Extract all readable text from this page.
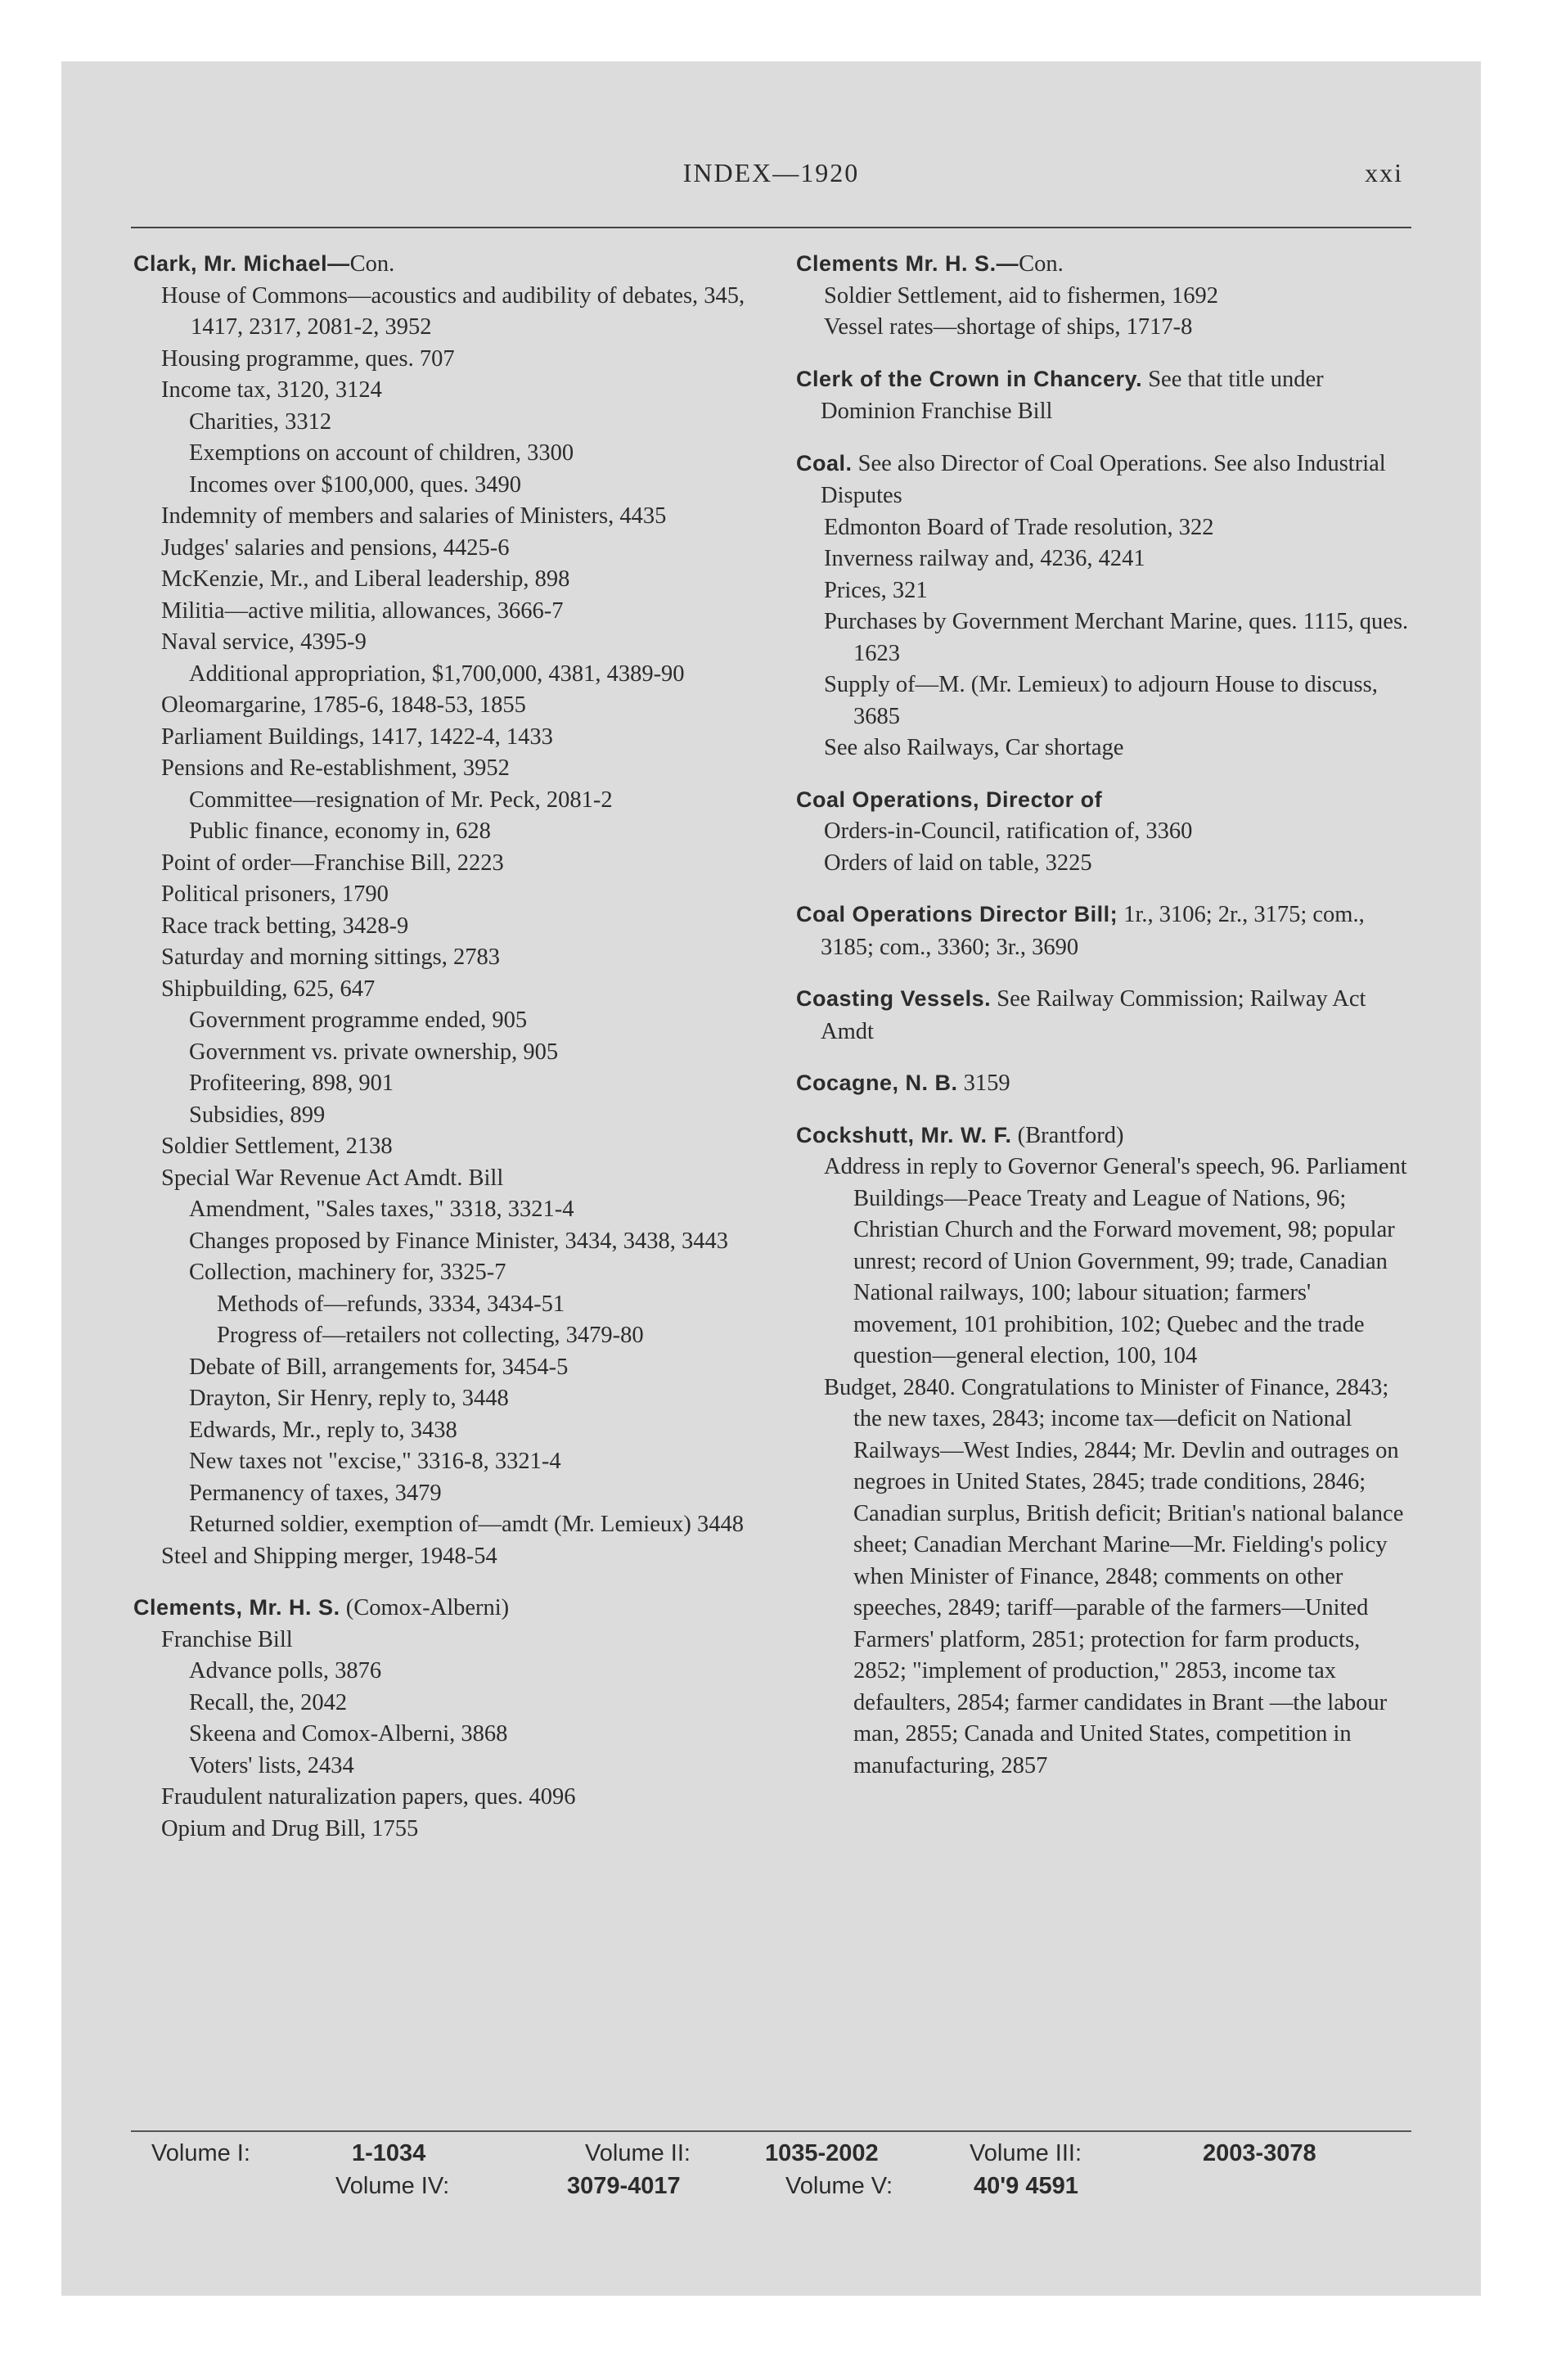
INDEX—1920	xxi
Clark, Mr. Michael—Con.
House of Commons—acoustics and audibility of debates, 345, 1417, 2317, 2081-2, 3952
Housing programme, ques. 707
Income tax, 3120, 3124
Charities, 3312
Exemptions on account of children, 3300
Incomes over $100,000, ques. 3490
Indemnity of members and salaries of Ministers, 4435
Judges' salaries and pensions, 4425-6
McKenzie, Mr., and Liberal leadership, 898
Militia—active militia, allowances, 3666-7
Naval service, 4395-9
Additional appropriation, $1,700,000, 4381, 4389-90
Oleomargarine, 1785-6, 1848-53, 1855
Parliament Buildings, 1417, 1422-4, 1433
Pensions and Re-establishment, 3952
Committee—resignation of Mr. Peck, 2081-2
Public finance, economy in, 628
Point of order—Franchise Bill, 2223
Political prisoners, 1790
Race track betting, 3428-9
Saturday and morning sittings, 2783
Shipbuilding, 625, 647
Government programme ended, 905
Government vs. private ownership, 905
Profiteering, 898, 901
Subsidies, 899
Soldier Settlement, 2138
Special War Revenue Act Amdt. Bill
Amendment, "Sales taxes," 3318, 3321-4
Changes proposed by Finance Minister, 3434, 3438, 3443
Collection, machinery for, 3325-7
Methods of—refunds, 3334, 3434-51
Progress of—retailers not collecting, 3479-80
Debate of Bill, arrangements for, 3454-5
Drayton, Sir Henry, reply to, 3448
Edwards, Mr., reply to, 3438
New taxes not "excise," 3316-8, 3321-4
Permanency of taxes, 3479
Returned soldier, exemption of—amdt (Mr. Lemieux) 3448
Steel and Shipping merger, 1948-54
Clements, Mr. H. S. (Comox-Alberni)
Franchise Bill
Advance polls, 3876
Recall, the, 2042
Skeena and Comox-Alberni, 3868
Voters' lists, 2434
Fraudulent naturalization papers, ques. 4096
Opium and Drug Bill, 1755
Clements Mr. H. S.—Con.
Soldier Settlement, aid to fishermen, 1692
Vessel rates—shortage of ships, 1717-8
Clerk of the Crown in Chancery. See that title under Dominion Franchise Bill
Coal. See also Director of Coal Operations. See also Industrial Disputes
Edmonton Board of Trade resolution, 322
Inverness railway and, 4236, 4241
Prices, 321
Purchases by Government Merchant Marine, ques. 1115, ques. 1623
Supply of—M. (Mr. Lemieux) to adjourn House to discuss, 3685
See also Railways, Car shortage
Coal Operations, Director of
Orders-in-Council, ratification of, 3360
Orders of laid on table, 3225
Coal Operations Director Bill; 1r., 3106; 2r., 3175; com., 3185; com., 3360; 3r., 3690
Coasting Vessels. See Railway Commission; Railway Act Amdt
Cocagne, N. B. 3159
Cockshutt, Mr. W. F. (Brantford)
Address in reply to Governor General's speech, 96. Parliament Buildings—Peace Treaty and League of Nations, 96; Christian Church and the Forward movement, 98; popular unrest; record of Union Government, 99; trade, Canadian National railways, 100; labour situation; farmers' movement, 101 prohibition, 102; Quebec and the trade question—general election, 100, 104
Budget, 2840. Congratulations to Minister of Finance, 2843; the new taxes, 2843; income tax—deficit on National Railways—West Indies, 2844; Mr. Devlin and outrages on negroes in United States, 2845; trade conditions, 2846; Canadian surplus, British deficit; Britian's national balance sheet; Canadian Merchant Marine—Mr. Fielding's policy when Minister of Finance, 2848; comments on other speeches, 2849; tariff—parable of the farmers—United Farmers' platform, 2851; protection for farm products, 2852; "implement of production," 2853, income tax defaulters, 2854; farmer candidates in Brant —the labour man, 2855; Canada and United States, competition in manufacturing, 2857
Volume I:	1-1034	Volume II:	1035-2002	Volume III:	2003-3078
Volume IV:	3079-4017	Volume V:	40'9 4591
